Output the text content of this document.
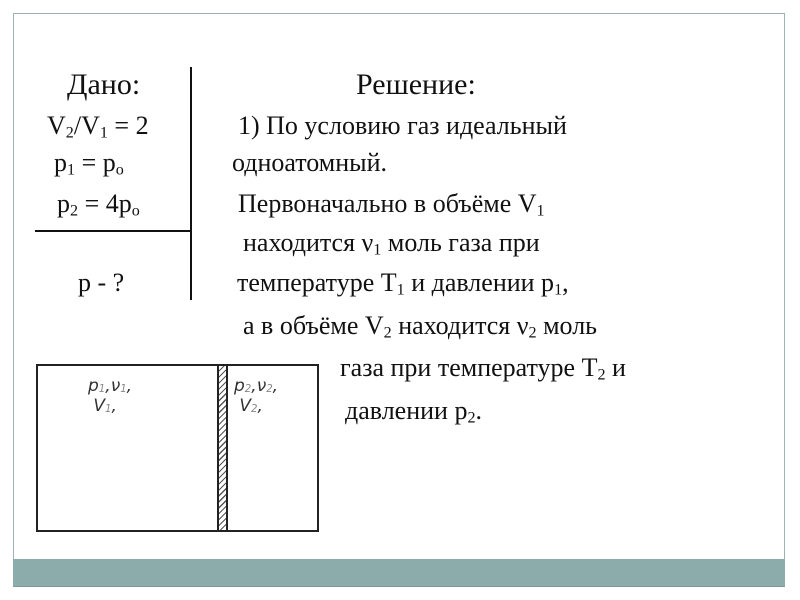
Дано:
$V_2/V_1 = 2$
$p_1 = p_o$
$p_2 = 4p_o$
p - ?
Решение:
1) По условию газ идеальный
одноатомный.
Первоначально в объёме $V_1$
находится $\nu_1$ моль газа при
температуре $T_1$ и давлении $p_1$,
а в объёме $V_2$ находится $\nu_2$ моль
газа при температуре $T_2$ и
давлении $p_2$.
$p_1,\nu_1$,
$V_1$,
$p_2,\nu_2$,
$V_2$,
